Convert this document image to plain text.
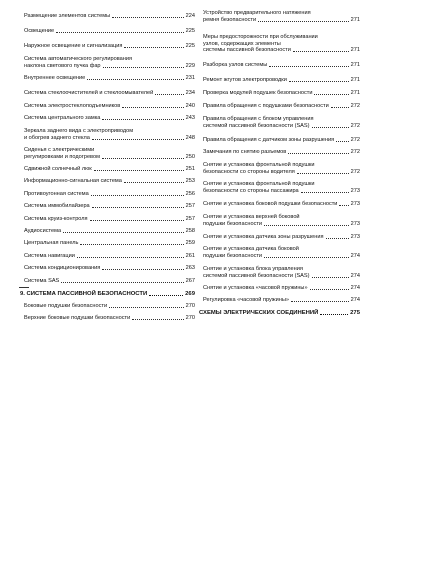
Размещение элементов системы	224
Освещение	225
Наружное освещение и сигнализация	225
Система автоматического регулирования
наклона светового пучка фар	229
Внутреннее освещение	231
Система стеклоочистителей и стеклоомывателей	234
Система электростеклоподъемников	240
Система центрального замка	243
Зеркала заднего вида с электроприводом
и обогрев заднего стекла	248
Сиденья с электрическими
регулировками и подогревом	250
Сдвижной солнечный люк	251
Информационно-сигнальная система	253
Противоугонная система	256
Система иммобилайзера	257
Система круиз-контроля	257
Аудиосистема	258
Центральная панель	259
Система навигации	261
Система кондиционирования	263
Система SAS	267
9. СИСТЕМА ПАССИВНОЙ БЕЗОПАСНОСТИ	269
Боковые подушки безопасности	270
Верхние боковые подушки безопасности	270
Устройство предварительного натяжения
ремня безопасности	271
Меры предосторожности при обслуживании
узлов, содержащих элементы
системы пассивной безопасности	271
Разборка узлов системы	271
Ремонт жгутов электропроводки	271
Проверка модулей подушек безопасности	271
Правила обращения с подушками безопасности	272
Правила обращения с блоком управления
системой пассивной безопасности (SAS)	272
Правила обращения с датчиком зоны разрушения	272
Замечания по снятию разъемов	272
Снятие и установка фронтальной подушки
безопасности со стороны водителя	272
Снятие и установка фронтальной подушки
безопасности со стороны пассажира	273
Снятие и установка боковой подушки безопасности 273
Снятие и установка верхней боковой
подушки безопасности	273
Снятие и установка датчика зоны разрушения	273
Снятие и установка датчика боковой
подушки безопасности	274
Снятие и установка блока управления
системой пассивной безопасности (SAS)	274
Снятие и установка «часовой пружины»	274
Регулировка «часовой пружины»	274
СХЕМЫ ЭЛЕКТРИЧЕСКИХ СОЕДИНЕНИЙ	275
